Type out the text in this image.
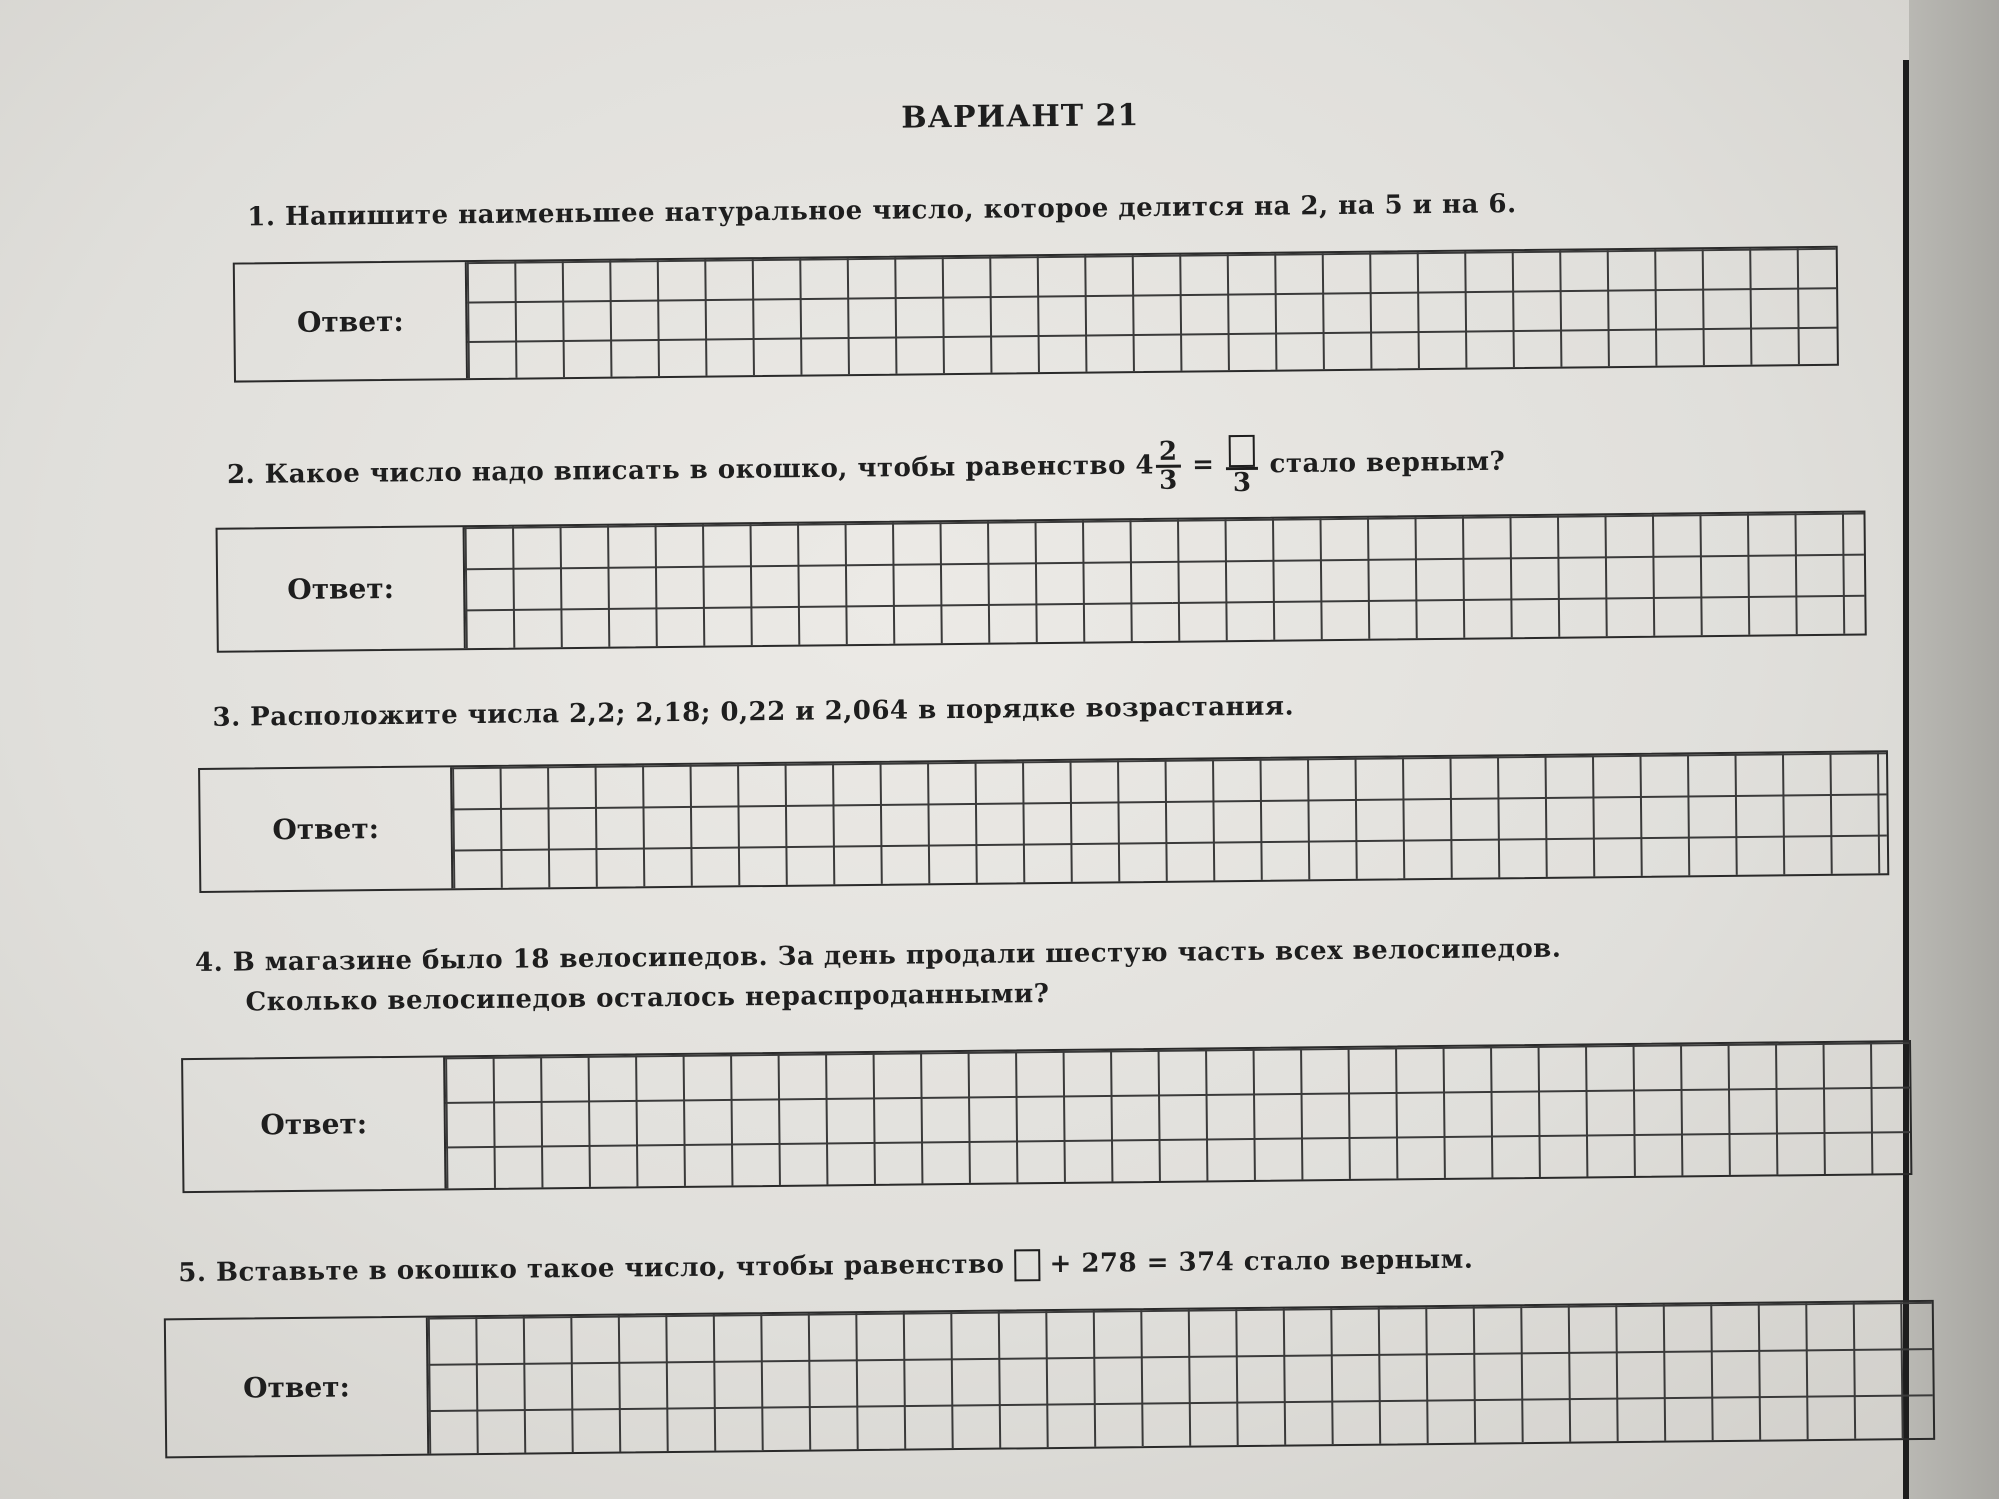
ВАРИАНТ 21
1. Напишите наименьшее натуральное число, которое делится на 2, на 5 и на 6.
Ответ:
2. Какое число надо вписать в окошко, чтобы равенство $4 \frac{2}{3}$ =
3
стало верным?
Ответ:
3. Расположите числа 2,2; 2,18; 0,22 и 2,064 в порядке возрастания.
Ответ:
4. В магазине было 18 велосипедов. За день продали шестую часть всех велосипедов.
Сколько велосипедов осталось нераспроданными?
Ответ:
5. Вставьте в окошко такое число, чтобы равенство + 278 = 374 стало верным.
Ответ:
